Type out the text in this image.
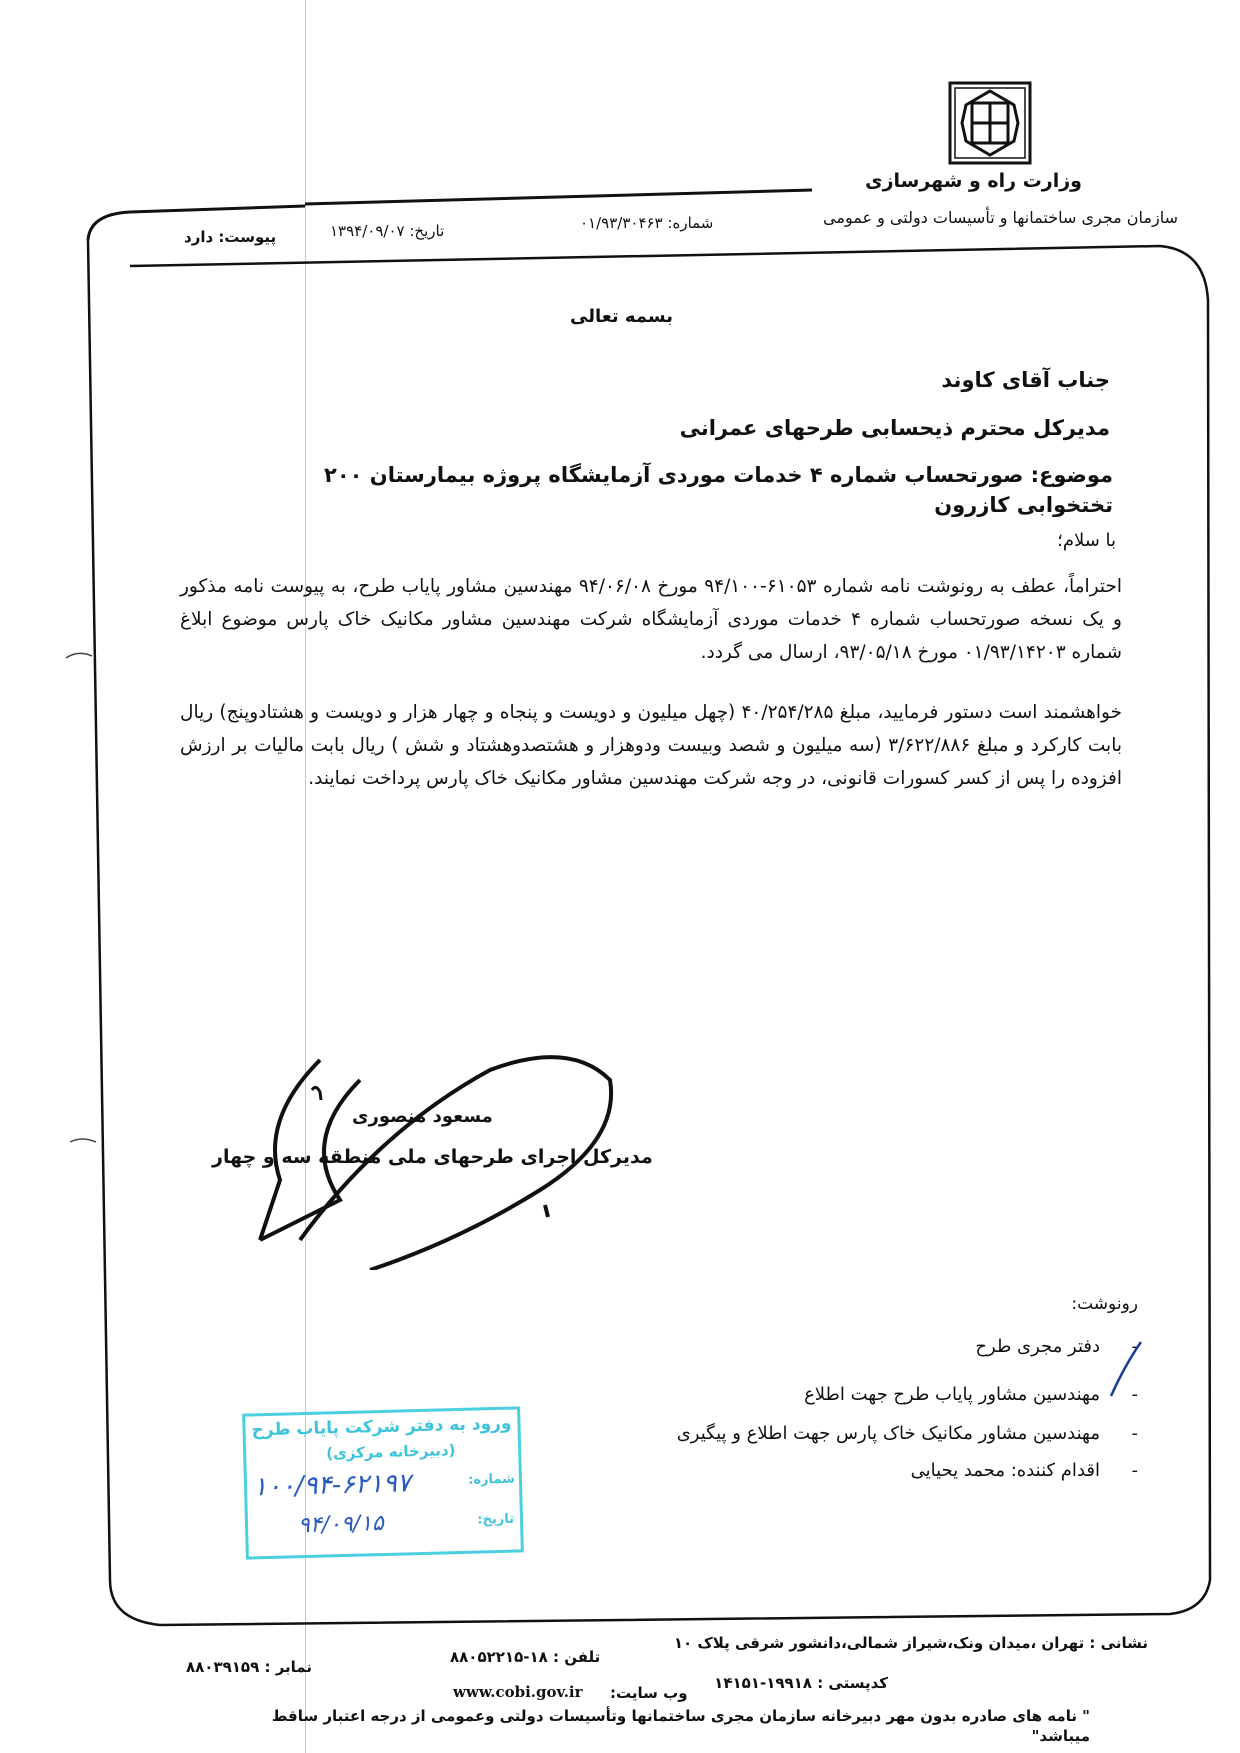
وزارت راه و شهرسازی
سازمان مجری ساختمانها و تأسیسات دولتی و عمومی
شماره: ۰۱/۹۳/۳۰۴۶۳
تاریخ: ۱۳۹۴/۰۹/۰۷
پیوست: دارد
بسمه تعالی
جناب آقای کاوند
مدیرکل محترم ذیحسابی طرحهای عمرانی
موضوع: صورتحساب شماره ۴ خدمات موردی آزمایشگاه پروژه بیمارستان ۲۰۰ تختخوابی کازرون
با سلام؛
احتراماً، عطف به رونوشت نامه شماره ۶۱۰۵۳-۹۴/۱۰۰ مورخ ۹۴/۰۶/۰۸ مهندسین مشاور پایاب طرح، به پیوست نامه مذکور و یک نسخه صورتحساب شماره ۴ خدمات موردی آزمایشگاه شرکت مهندسین مشاور مکانیک خاک پارس موضوع ابلاغ شماره ۰۱/۹۳/۱۴۲۰۳ مورخ ۹۳/۰۵/۱۸، ارسال می گردد.
خواهشمند است دستور فرمایید، مبلغ ۴۰/۲۵۴/۲۸۵ (چهل میلیون و دویست و پنجاه و چهار هزار و دویست و هشتادوپنج) ریال بابت کارکرد و مبلغ ۳/۶۲۲/۸۸۶ (سه میلیون و شصد وبیست ودوهزار و هشتصدوهشتاد و شش ) ریال بابت مالیات بر ارزش افزوده را پس از کسر کسورات قانونی، در وجه شرکت مهندسین مشاور مکانیک خاک پارس پرداخت نمایند.
مسعود منصوری
مدیرکل اجرای طرحهای ملی منطقه سه و چهار
رونوشت:
-
دفتر مجری طرح
-
مهندسین مشاور پایاب طرح جهت اطلاع
-
مهندسین مشاور مکانیک خاک پارس جهت اطلاع و پیگیری
-
اقدام کننده: محمد یحیایی
ورود به دفتر شرکت پایاب طرح
(دبیرخانه مرکزی)
شماره:
۱۰۰/۹۴-۶۲۱۹۷
تاریخ:
۹۴/۰۹/۱۵
نشانی : تهران ،میدان ونک،شیراز شمالی،دانشور شرقی پلاک ۱۰
تلفن : ۱۸-۸۸۰۵۲۲۱۵
نمابر : ۸۸۰۳۹۱۵۹
کدپستی : ۱۹۹۱۸-۱۴۱۵۱
وب سایت:
www.cobi.gov.ir
" نامه های صادره بدون مهر دبیرخانه سازمان مجری ساختمانها وتأسیسات دولتی وعمومی از درجه اعتبار ساقط میباشد"
